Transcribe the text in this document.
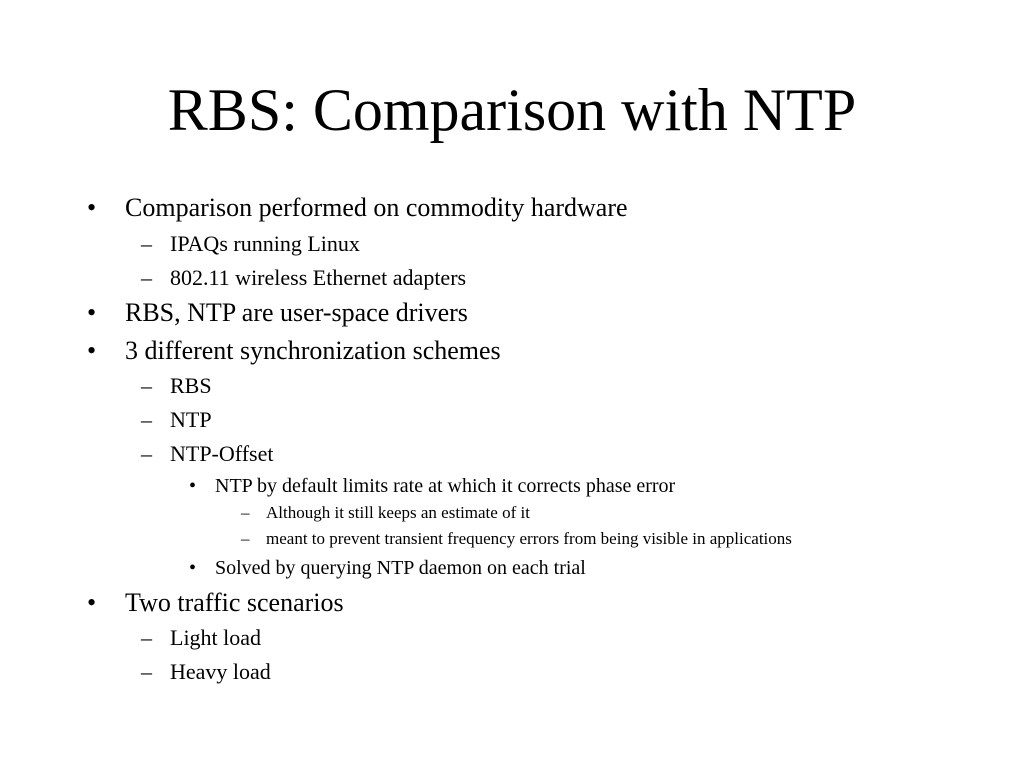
RBS: Comparison with NTP
• Comparison performed on commodity hardware
– IPAQs running Linux
– 802.11 wireless Ethernet adapters
• RBS, NTP are user-space drivers
• 3 different synchronization schemes
– RBS
– NTP
– NTP-Offset
• NTP by default limits rate at which it corrects phase error
– Although it still keeps an estimate of it
– meant to prevent transient frequency errors from being visible in applications
• Solved by querying NTP daemon on each trial
• Two traffic scenarios
– Light load
– Heavy load
